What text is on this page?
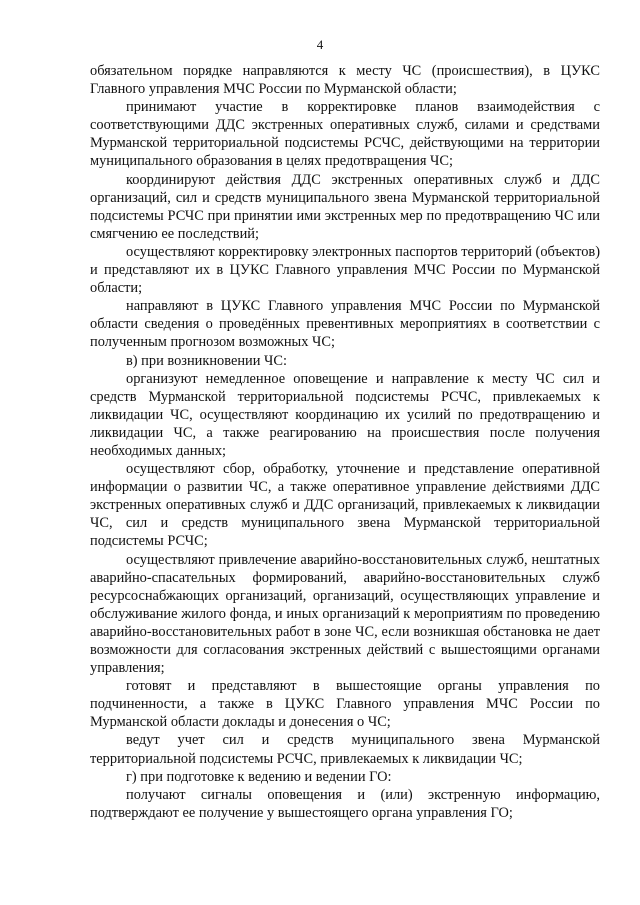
4

обязательном порядке направляются к месту ЧС (происшествия), в ЦУКС Главного управления МЧС России по Мурманской области;

принимают участие в корректировке планов взаимодействия с соответствующими ДДС экстренных оперативных служб, силами и средствами Мурманской территориальной подсистемы РСЧС, действующими на территории муниципального образования в целях предотвращения ЧС;

координируют действия ДДС экстренных оперативных служб и ДДС организаций, сил и средств муниципального звена Мурманской территориальной подсистемы РСЧС при принятии ими экстренных мер по предотвращению ЧС или смягчению ее последствий;

осуществляют корректировку электронных паспортов территорий (объектов) и представляют их в ЦУКС Главного управления МЧС России по Мурманской области;

направляют в ЦУКС Главного управления МЧС России по Мурманской области сведения о проведённых превентивных мероприятиях в соответствии с полученным прогнозом возможных ЧС;

в) при возникновении ЧС:

организуют немедленное оповещение и направление к месту ЧС сил и средств Мурманской территориальной подсистемы РСЧС, привлекаемых к ликвидации ЧС, осуществляют координацию их усилий по предотвращению и ликвидации ЧС, а также реагированию на происшествия после получения необходимых данных;

осуществляют сбор, обработку, уточнение и представление оперативной информации о развитии ЧС, а также оперативное управление действиями ДДС экстренных оперативных служб и ДДС организаций, привлекаемых к ликвидации ЧС, сил и средств муниципального звена Мурманской территориальной подсистемы РСЧС;

осуществляют привлечение аварийно-восстановительных служб, нештатных аварийно-спасательных формирований, аварийно-восстановительных служб ресурсоснабжающих организаций, организаций, осуществляющих управление и обслуживание жилого фонда, и иных организаций к мероприятиям по проведению аварийно-восстановительных работ в зоне ЧС, если возникшая обстановка не дает возможности для согласования экстренных действий с вышестоящими органами управления;

готовят и представляют в вышестоящие органы управления по подчиненности, а также в ЦУКС Главного управления МЧС России по Мурманской области доклады и донесения о ЧС;

ведут учет сил и средств муниципального звена Мурманской территориальной подсистемы РСЧС, привлекаемых к ликвидации ЧС;

г) при подготовке к ведению и ведении ГО:

получают сигналы оповещения и (или) экстренную информацию, подтверждают ее получение у вышестоящего органа управления ГО;
